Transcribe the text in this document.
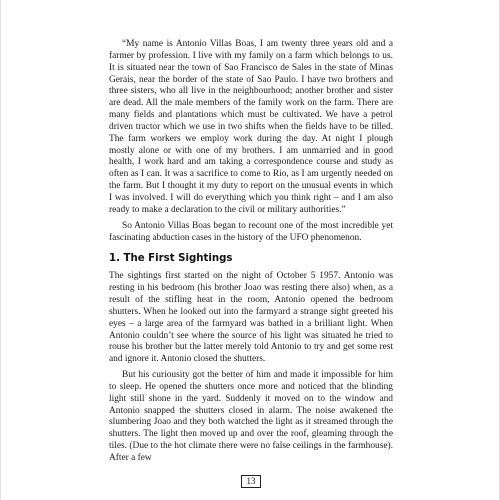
“My name is Antonio Villas Boas, I am twenty three years old and a farmer by profession. I live with my family on a farm which belongs to us. It is situated near the town of Sao Francisco de Sales in the state of Minas Gerais, near the border of the state of Sao Paulo. I have two brothers and three sisters, who all live in the neighbourhood; another brother and sister are dead. All the male members of the family work on the farm. There are many fields and plantations which must be cultivated. We have a petrol driven tractor which we use in two shifts when the fields have to be tilled. The farm workers we employ work during the day. At night I plough mostly alone or with one of my brothers. I am unmarried and in good health, I work hard and am taking a correspondence course and study as often as I can. It was a sacrifice to come to Rio, as I am urgently needed on the farm. But I thought it my duty to report on the unusual events in which I was involved. I will do everything which you think right – and I am also ready to make a declaration to the civil or military authorities.”

So Antonio Villas Boas began to recount one of the most incredible yet fascinating abduction cases in the history of the UFO phenomenon.

1. The First Sightings

The sightings first started on the night of October 5 1957. Antonio was resting in his bedroom (his brother Joao was resting there also) when, as a result of the stifling heat in the room, Antonio opened the bedroom shutters. When he looked out into the farmyard a strange sight greeted his eyes – a large area of the farmyard was bathed in a brilliant light. When Antonio couldn’t see where the source of his light was situated he tried to rouse his brother but the latter merely told Antonio to try and get some rest and ignore it. Antonio closed the shutters.

But his curiousity got the better of him and made it impossible for him to sleep. He opened the shutters once more and noticed that the blinding light still shone in the yard. Suddenly it moved on to the window and Antonio snapped the shutters closed in alarm. The noise awakened the slumbering Joao and they both watched the light as it streamed through the shutters. The light then moved up and over the roof, gleaming through the tiles. (Due to the hot climate there were no false ceilings in the farmhouse). After a few

13
